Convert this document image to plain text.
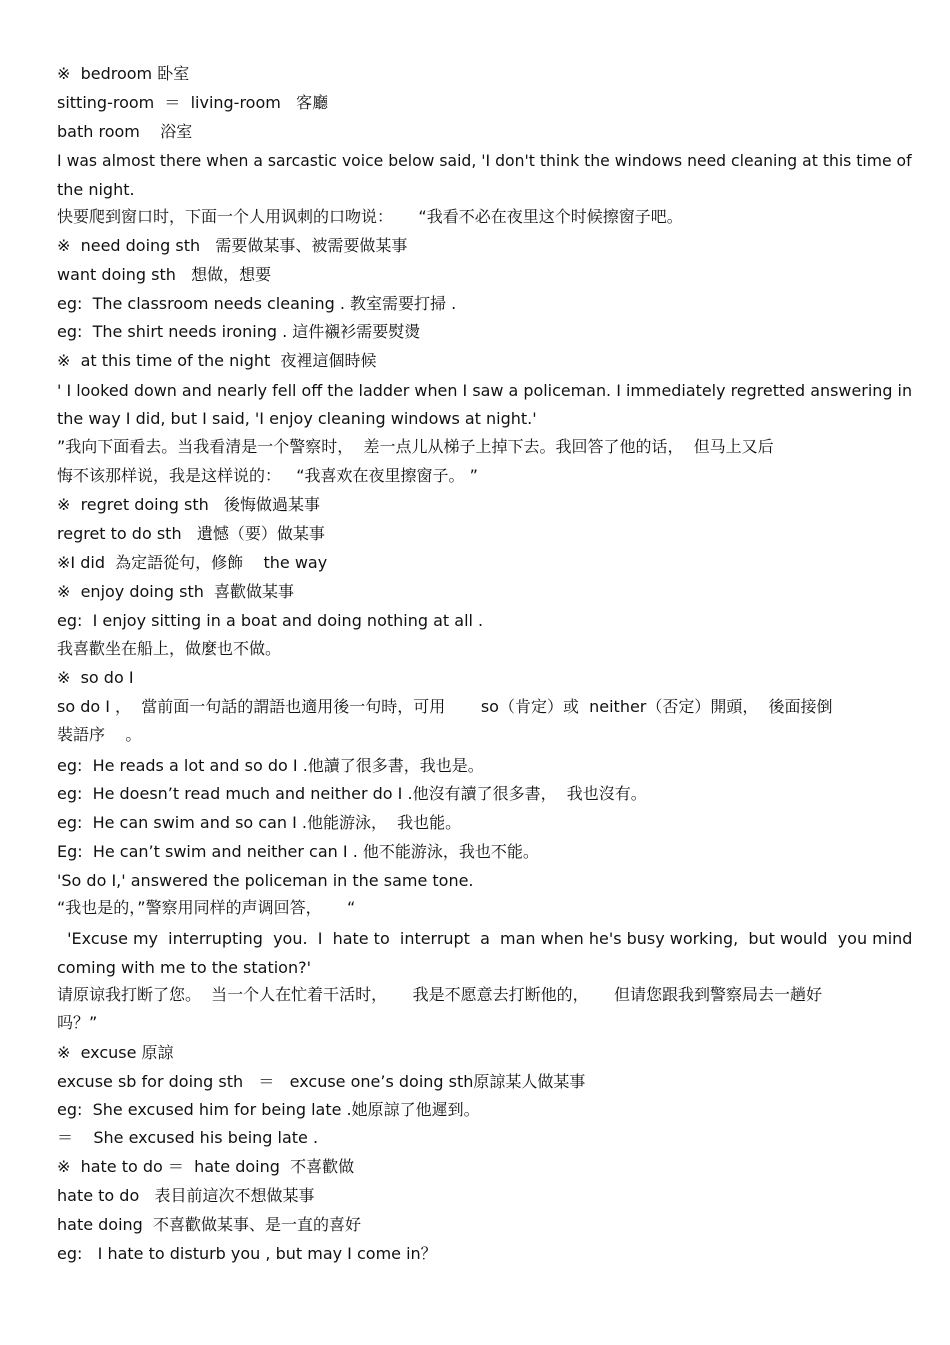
※  bedroom 卧室
sitting-room  ＝  living-room   客廳
bath room    浴室
I was almost there when a sarcastic voice below said, 'I don't think the windows need cleaning at this time of
the night.
快要爬到窗口时，下面一个人用讽刺的口吻说：     “我看不必在夜里这个时候擦窗子吧。
※  need doing sth   需要做某事、被需要做某事
want doing sth   想做，想要
eg:  The classroom needs cleaning . 教室需要打掃 .
eg:  The shirt needs ironing . 這件襯衫需要熨燙
※  at this time of the night  夜裡這個時候
' I looked down and nearly fell off the ladder when I saw a policeman. I immediately regretted answering in
the way I did, but I said, 'I enjoy cleaning windows at night.'
”我向下面看去。当我看清是一个警察时，  差一点儿从梯子上掉下去。我回答了他的话，  但马上又后
悔不该那样说，我是这样说的：   “我喜欢在夜里擦窗子。 ”
※  regret doing sth   後悔做過某事
regret to do sth   遺憾（要）做某事
※I did  為定語從句，修飾    the way
※  enjoy doing sth  喜歡做某事
eg:  I enjoy sitting in a boat and doing nothing at all .
我喜歡坐在船上，做麼也不做。
※  so do I
so do I ，  當前面一句話的謂語也適用後一句時，可用       so（肯定）或  neither（否定）開頭，  後面接倒
裝語序    。
eg:  He reads a lot and so do I .他讀了很多書，我也是。
eg:  He doesn’t read much and neither do I .他沒有讀了很多書，  我也沒有。
eg:  He can swim and so can I .他能游泳，  我也能。
Eg:  He can’t swim and neither can I . 他不能游泳，我也不能。
'So do I,' answered the policeman in the same tone.
“我也是的，”警察用同样的声调回答，     “
'Excuse my  interrupting  you.  I  hate to  interrupt  a  man when he's busy working,  but would  you mind
coming with me to the station?'
请原谅我打断了您。  当一个人在忙着干活时，     我是不愿意去打断他的，     但请您跟我到警察局去一趟好
吗？”
※  excuse 原諒
excuse sb for doing sth   ＝   excuse one’s doing sth原諒某人做某事
eg:  She excused him for being late .她原諒了他遲到。
＝    She excused his being late .
※  hate to do ＝  hate doing  不喜歡做
hate to do   表目前這次不想做某事
hate doing  不喜歡做某事、是一直的喜好
eg:   I hate to disturb you , but may I come in？
